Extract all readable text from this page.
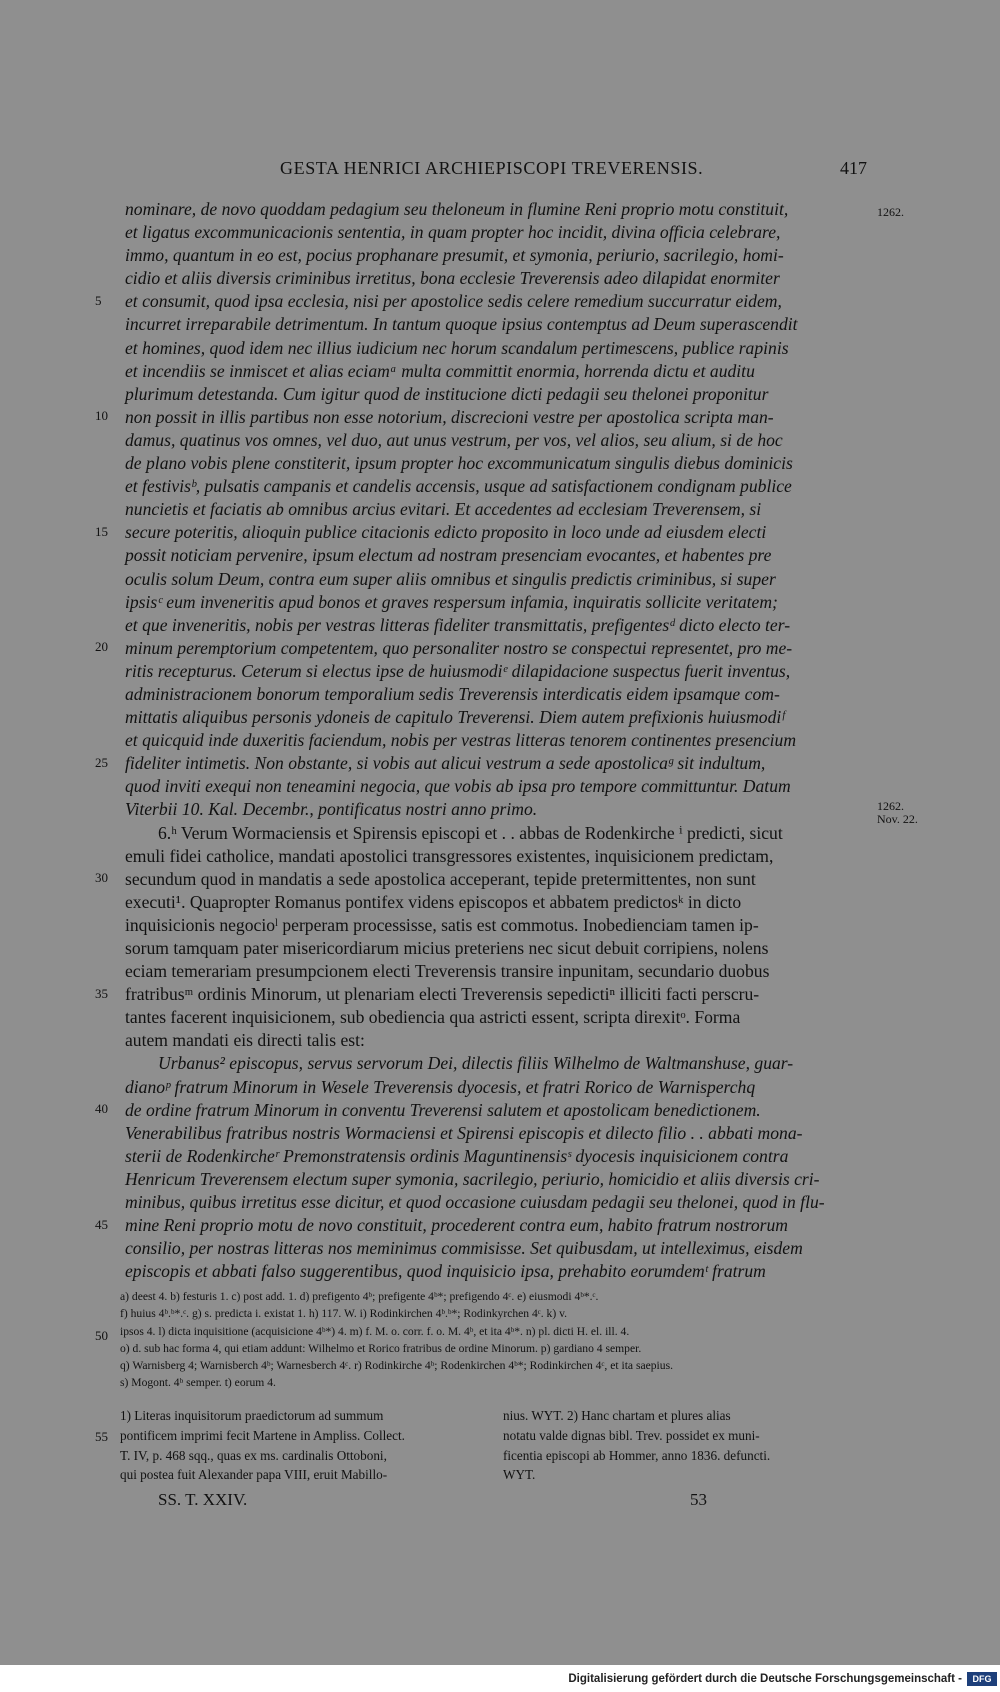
GESTA HENRICI ARCHIEPISCOPI TREVERENSIS.	417
nominare, de novo quoddam pedagium seu theloneum in flumine Reni proprio motu constituit,
et ligatus excommunicacionis sententia, in quam propter hoc incidit, divina officia celebrare,
immo, quantum in eo est, pocius prophanare presumit, et symonia, periurio, sacrilegio, homi-
cidio et aliis diversis criminibus irretitus, bona ecclesie Treverensis adeo dilapidat enormiter
et consumit, quod ipsa ecclesia, nisi per apostolice sedis celere remedium succurratur eidem,
incurret irreparabile detrimentum. In tantum quoque ipsius contemptus ad Deum superascendit
et homines, quod idem nec illius iudicium nec horum scandalum pertimescens, publice rapinis
et incendiis se inmiscet et alias eciamᵃ multa committit enormia, horrenda dictu et auditu
plurimum detestanda. Cum igitur quod de institucione dicti pedagii seu thelonei proponitur
non possit in illis partibus non esse notorium, discrecioni vestre per apostolica scripta man-
damus, quatinus vos omnes, vel duo, aut unus vestrum, per vos, vel alios, seu alium, si de hoc
de plano vobis plene constiterit, ipsum propter hoc excommunicatum singulis diebus dominicis
et festivisᵇ, pulsatis campanis et candelis accensis, usque ad satisfactionem condignam publice
nuncietis et faciatis ab omnibus arcius evitari. Et accedentes ad ecclesiam Treverensem, si
secure poteritis, alioquin publice citacionis edicto proposito in loco unde ad eiusdem electi
possit noticiam pervenire, ipsum electum ad nostram presenciam evocantes, et habentes pre
oculis solum Deum, contra eum super aliis omnibus et singulis predictis criminibus, si super
ipsisᶜ eum inveneritis apud bonos et graves respersum infamia, inquiratis sollicite veritatem;
et que inveneritis, nobis per vestras litteras fideliter transmittatis, prefigentesᵈ dicto electo ter-
minum peremptorium competentem, quo personaliter nostro se conspectui representet, pro me-
ritis recepturus. Ceterum si electus ipse de huiusmodiᵉ dilapidacione suspectus fuerit inventus,
administracionem bonorum temporalium sedis Treverensis interdicatis eidem ipsamque com-
mittatis aliquibus personis ydoneis de capitulo Treverensi. Diem autem prefixionis huiusmodiᶠ
et quicquid inde duxeritis faciendum, nobis per vestras litteras tenorem continentes presencium
fideliter intimetis. Non obstante, si vobis aut alicui vestrum a sede apostolicaᵍ sit indultum,
quod inviti exequi non teneamini negocia, que vobis ab ipsa pro tempore committuntur. Datum
Viterbii 10. Kal. Decembr., pontificatus nostri anno primo.
6.ʰ Verum Wormaciensis et Spirensis episcopi et . . abbas de Rodenkirche ⁱ predicti, sicut
emuli fidei catholice, mandati apostolici transgressores existentes, inquisicionem predictam,
secundum quod in mandatis a sede apostolica acceperant, tepide pretermittentes, non sunt
executi¹. Quapropter Romanus pontifex videns episcopos et abbatem predictosᵏ in dicto
inquisicionis negocioˡ perperam processisse, satis est commotus. Inobedienciam tamen ip-
sorum tamquam pater misericordiarum micius preteriens nec sicut debuit corripiens, nolens
eciam temerariam presumpcionem electi Treverensis transire inpunitam, secundario duobus
fratribusᵐ ordinis Minorum, ut plenariam electi Treverensis sepedictiⁿ illiciti facti perscru-
tantes facerent inquisicionem, sub obediencia qua astricti essent, scripta direxitᵒ. Forma
autem mandati eis directi talis est:
Urbanus² episcopus, servus servorum Dei, dilectis filiis Wilhelmo de Waltmanshuse, guar-
dianoᵖ fratrum Minorum in Wesele Treverensis dyocesis, et fratri Rorico de Warnisperchq
de ordine fratrum Minorum in conventu Treverensi salutem et apostolicam benedictionem.
Venerabilibus fratribus nostris Wormaciensi et Spirensi episcopis et dilecto filio . . abbati mona-
sterii de Rodenkircheʳ Premonstratensis ordinis Maguntinensisˢ dyocesis inquisicionem contra
Henricum Treverensem electum super symonia, sacrilegio, periurio, homicidio et aliis diversis cri-
minibus, quibus irretitus esse dicitur, et quod occasione cuiusdam pedagii seu thelonei, quod in flu-
mine Reni proprio motu de novo constituit, procederent contra eum, habito fratrum nostrorum
consilio, per nostras litteras nos meminimus commisisse. Set quibusdam, ut intelleximus, eisdem
episcopis et abbati falso suggerentibus, quod inquisicio ipsa, prehabito eorumdemᵗ fratrum
5
10
15
20
25
30
35
40
45
50
55
1262.
1262.
Nov. 22.
a) deest 4. b) festuris 1. c) post add. 1. d) prefigento 4ᵇ; prefigente 4ᵇ*; prefigendo 4ᶜ. e) eiusmodi 4ᵇ*.ᶜ.
f) huius 4ᵇ.ᵇ*.ᶜ. g) s. predicta i. existat 1. h) 117. W. i) Rodinkirchen 4ᵇ.ᵇ*; Rodinkyrchen 4ᶜ. k) v.
ipsos 4. l) dicta inquisitione (acquisicione 4ᵇ*) 4. m) f. M. o. corr. f. o. M. 4ᵇ, et ita 4ᵇ*. n) pl. dicti H. el. ill. 4.
o) d. sub hac forma 4, qui etiam addunt: Wilhelmo et Rorico fratribus de ordine Minorum. p) gardiano 4 semper.
q) Warnisberg 4; Warnisberch 4ᵇ; Warnesberch 4ᶜ. r) Rodinkirche 4ᵇ; Rodenkirchen 4ᵇ*; Rodinkirchen 4ᶜ, et ita saepius.
s) Mogont. 4ᵇ semper. t) eorum 4.
1) Literas inquisitorum praedictorum ad summum
pontificem imprimi fecit Martene in Ampliss. Collect.
T. IV, p. 468 sqq., quas ex ms. cardinalis Ottoboni,
qui postea fuit Alexander papa VIII, eruit Mabillo-
nius. WYT. 2) Hanc chartam et plures alias
notatu valde dignas bibl. Trev. possidet ex muni-
ficentia episcopi ab Hommer, anno 1836. defuncti.
WYT.
SS. T. XXIV.	53
Digitalisierung gefördert durch die Deutsche Forschungsgemeinschaft -	DFG
